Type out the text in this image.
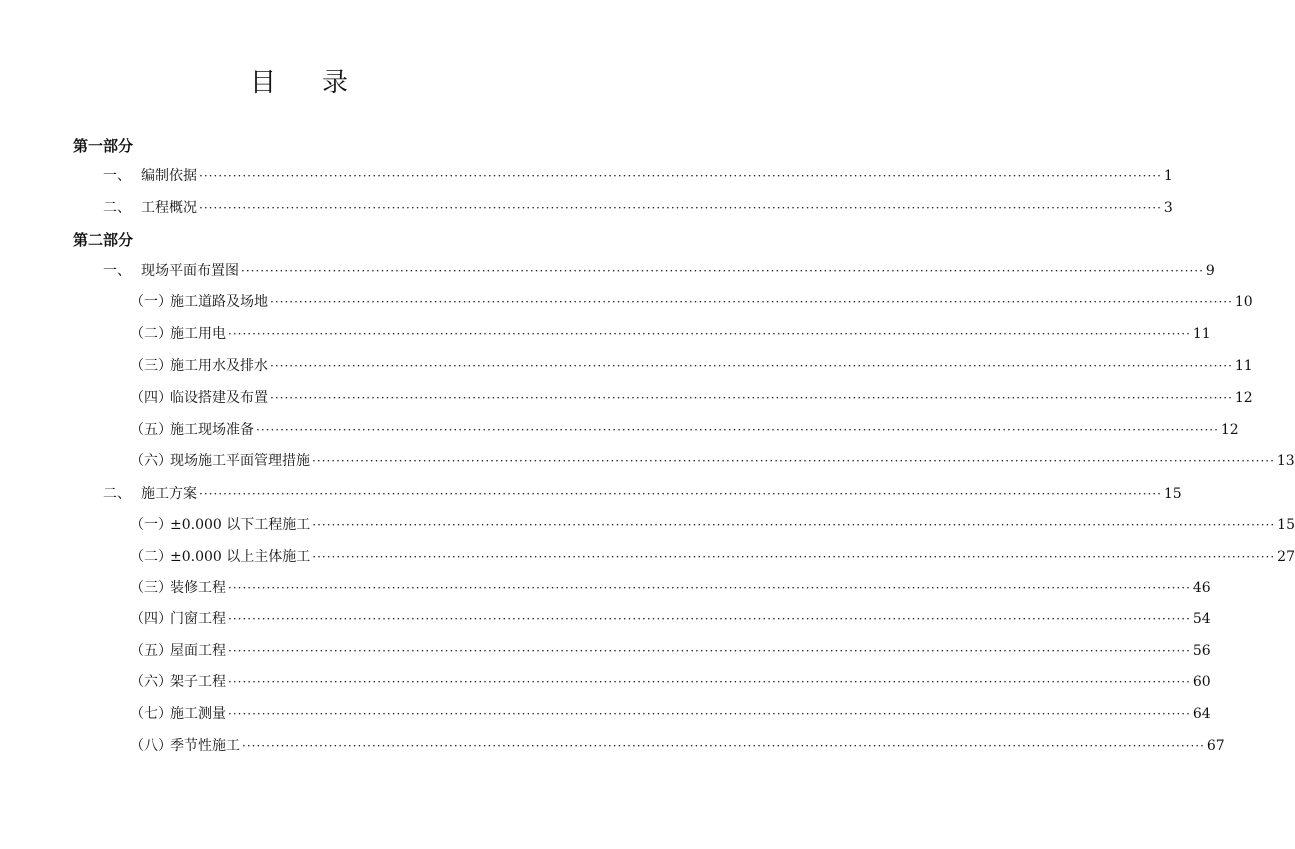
目 录
第一部分
一、 编制依据 ········································································································································································································ 1
二、 工程概况 ········································································································································································································ 3
第二部分
一、 现场平面布置图 ········································································································································································································ 9
（一）
施工道路及场地 ········································································································································································································ 10
（二）
施工用电 ········································································································································································································ 11
（三）
施工用水及排水 ········································································································································································································ 11
（四）
临设搭建及布置 ········································································································································································································ 12
（五）
施工现场准备 ········································································································································································································ 12
（六）
现场施工平面管理措施 ········································································································································································································ 13
二、 施工方案 ········································································································································································································ 15
（一）
±0.000 以下工程施工 ········································································································································································································ 15
（二）
±0.000 以上主体施工 ········································································································································································································ 27
（三）
装修工程 ········································································································································································································ 46
（四）
门窗工程 ········································································································································································································ 54
（五）
屋面工程 ········································································································································································································ 56
（六）
架子工程 ········································································································································································································ 60
（七）
施工测量 ········································································································································································································ 64
（八）
季节性施工 ········································································································································································································ 67
